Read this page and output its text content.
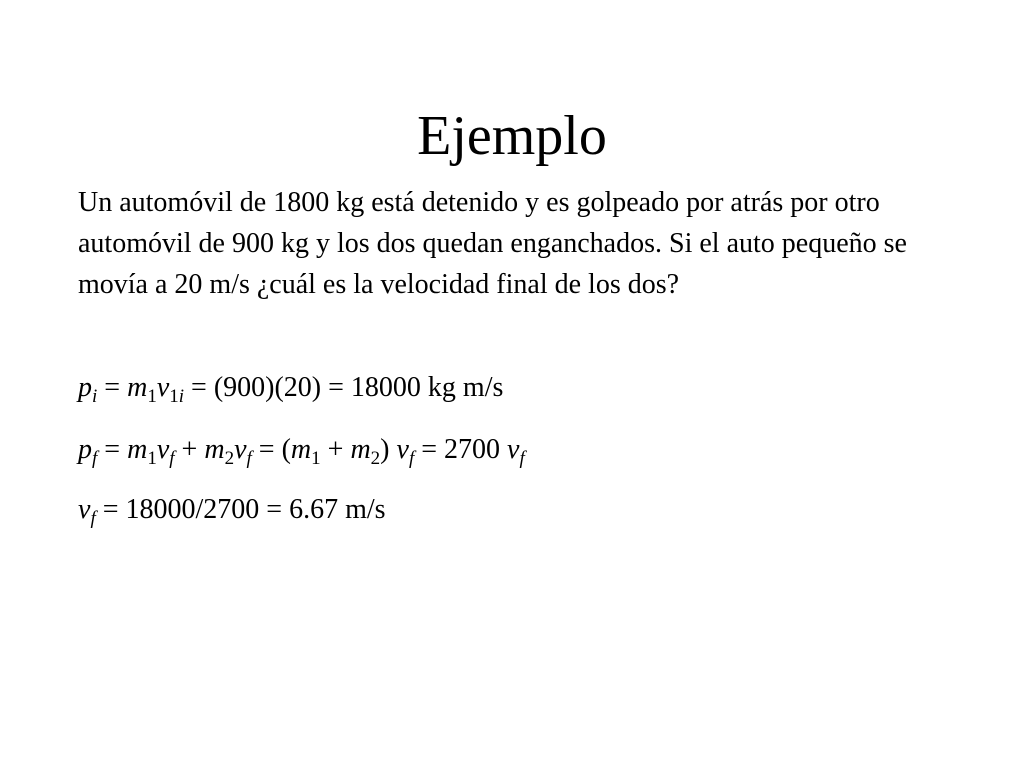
Ejemplo
Un automóvil de 1800 kg está detenido y es golpeado por atrás por otro automóvil de 900 kg y los dos quedan enganchados. Si el auto pequeño se movía a 20 m/s ¿cuál es la velocidad final de los dos?
$p_i = m_1v_{1i} = (900)(20) = 18000$ kg m/s
$p_f = m_1v_f + m_2v_f = (m_1 + m_2) v_f = 2700$ $v_f$
$v_f = 18000/2700 = 6.67$ m/s
